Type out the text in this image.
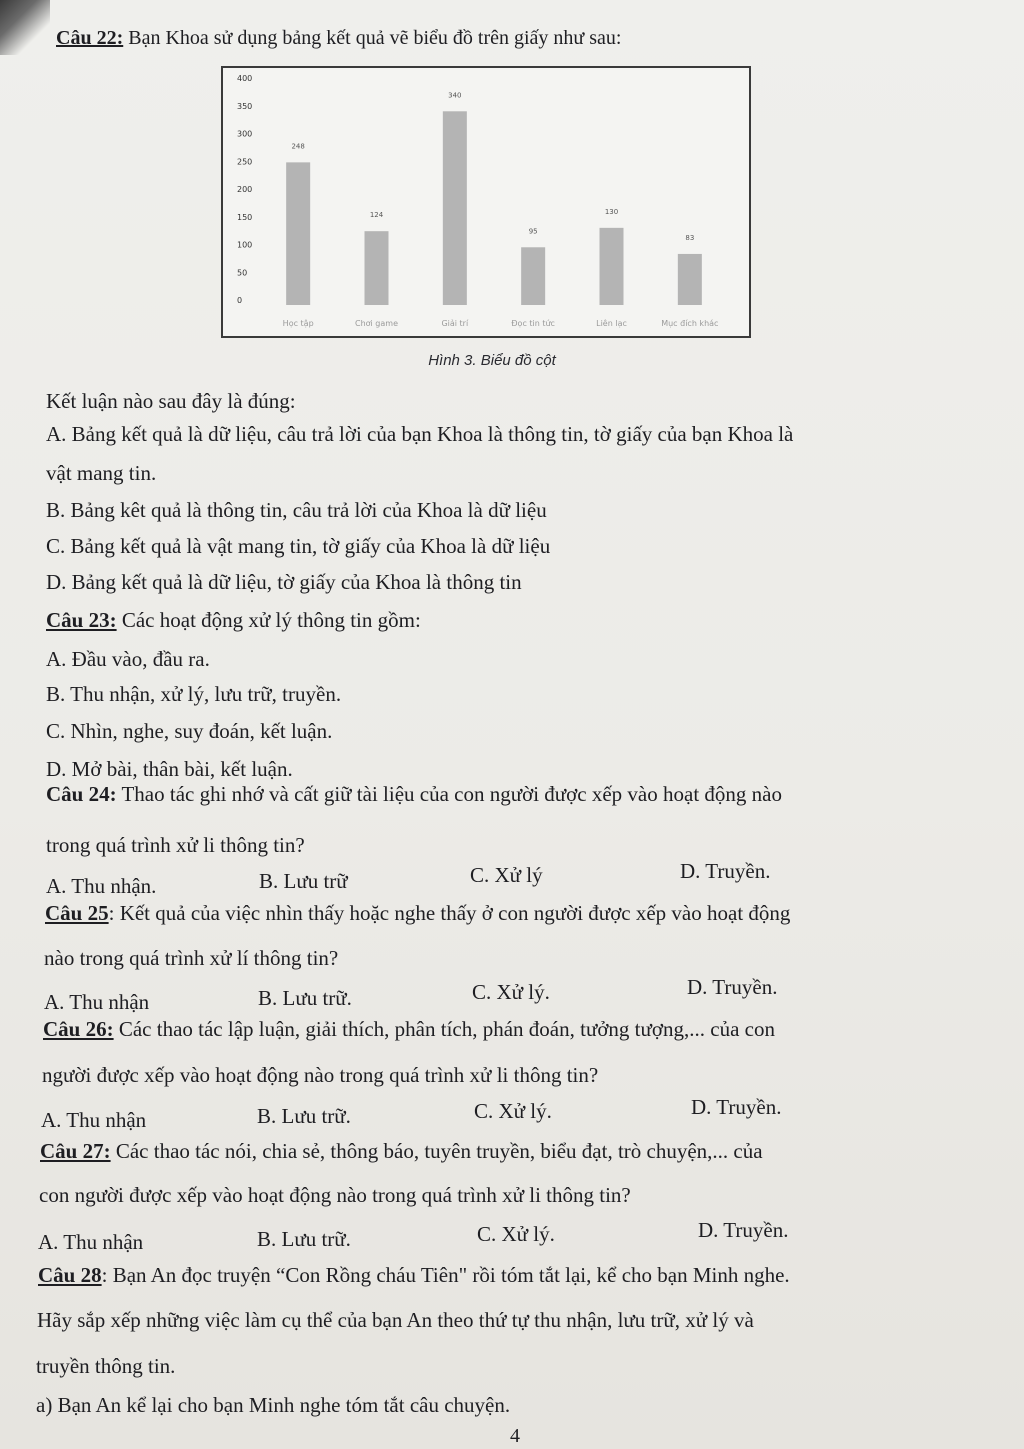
Câu 22: Bạn Khoa sử dụng bảng kết quả vẽ biểu đồ trên giấy như sau:
0
50
100
150
200
250
300
350
400
248
Học tập
124
Chơi game
340
Giải trí
95
Đọc tin tức
130
Liên lạc
83
Mục đích khác
Hình 3. Biểu đồ cột
Kết luận nào sau đây là đúng:
A. Bảng kết quả là dữ liệu, câu trả lời của bạn Khoa là thông tin, tờ giấy của bạn Khoa là
vật mang tin.
B. Bảng kêt quả là thông tin, câu trả lời của Khoa là dữ liệu
C. Bảng kết quả là vật mang tin, tờ giấy của Khoa là dữ liệu
D. Bảng kết quả là dữ liệu, tờ giấy của Khoa là thông tin
Câu 23: Các hoạt động xử lý thông tin gồm:
A. Đầu vào, đầu ra.
B. Thu nhận, xử lý, lưu trữ, truyền.
C. Nhìn, nghe, suy đoán, kết luận.
D. Mở bài, thân bài, kết luận.
Câu 24: Thao tác ghi nhớ và cất giữ tài liệu của con người được xếp vào hoạt động nào
trong quá trình xử li thông tin?
A. Thu nhận.	B. Lưu trữ	C. Xử lý	D. Truyền.
Câu 25: Kết quả của việc nhìn thấy hoặc nghe thấy ở con người được xếp vào hoạt động
nào trong quá trình xử lí thông tin?
A. Thu nhận	B. Lưu trữ.	C. Xử lý.	D. Truyền.
Câu 26: Các thao tác lập luận, giải thích, phân tích, phán đoán, tưởng tượng,... của con
người được xếp vào hoạt động nào trong quá trình xử li thông tin?
A. Thu nhận	B. Lưu trữ.	C. Xử lý.	D. Truyền.
Câu 27: Các thao tác nói, chia sẻ, thông báo, tuyên truyền, biểu đạt, trò chuyện,... của
con người được xếp vào hoạt động nào trong quá trình xử li thông tin?
A. Thu nhận	B. Lưu trữ.	C. Xử lý.	D. Truyền.
Câu 28: Bạn An đọc truyện “Con Rồng cháu Tiên" rồi tóm tắt lại, kể cho bạn Minh nghe.
Hãy sắp xếp những việc làm cụ thể của bạn An theo thứ tự thu nhận, lưu trữ, xử lý và
truyền thông tin.
a) Bạn An kể lại cho bạn Minh nghe tóm tắt câu chuyện.
4
